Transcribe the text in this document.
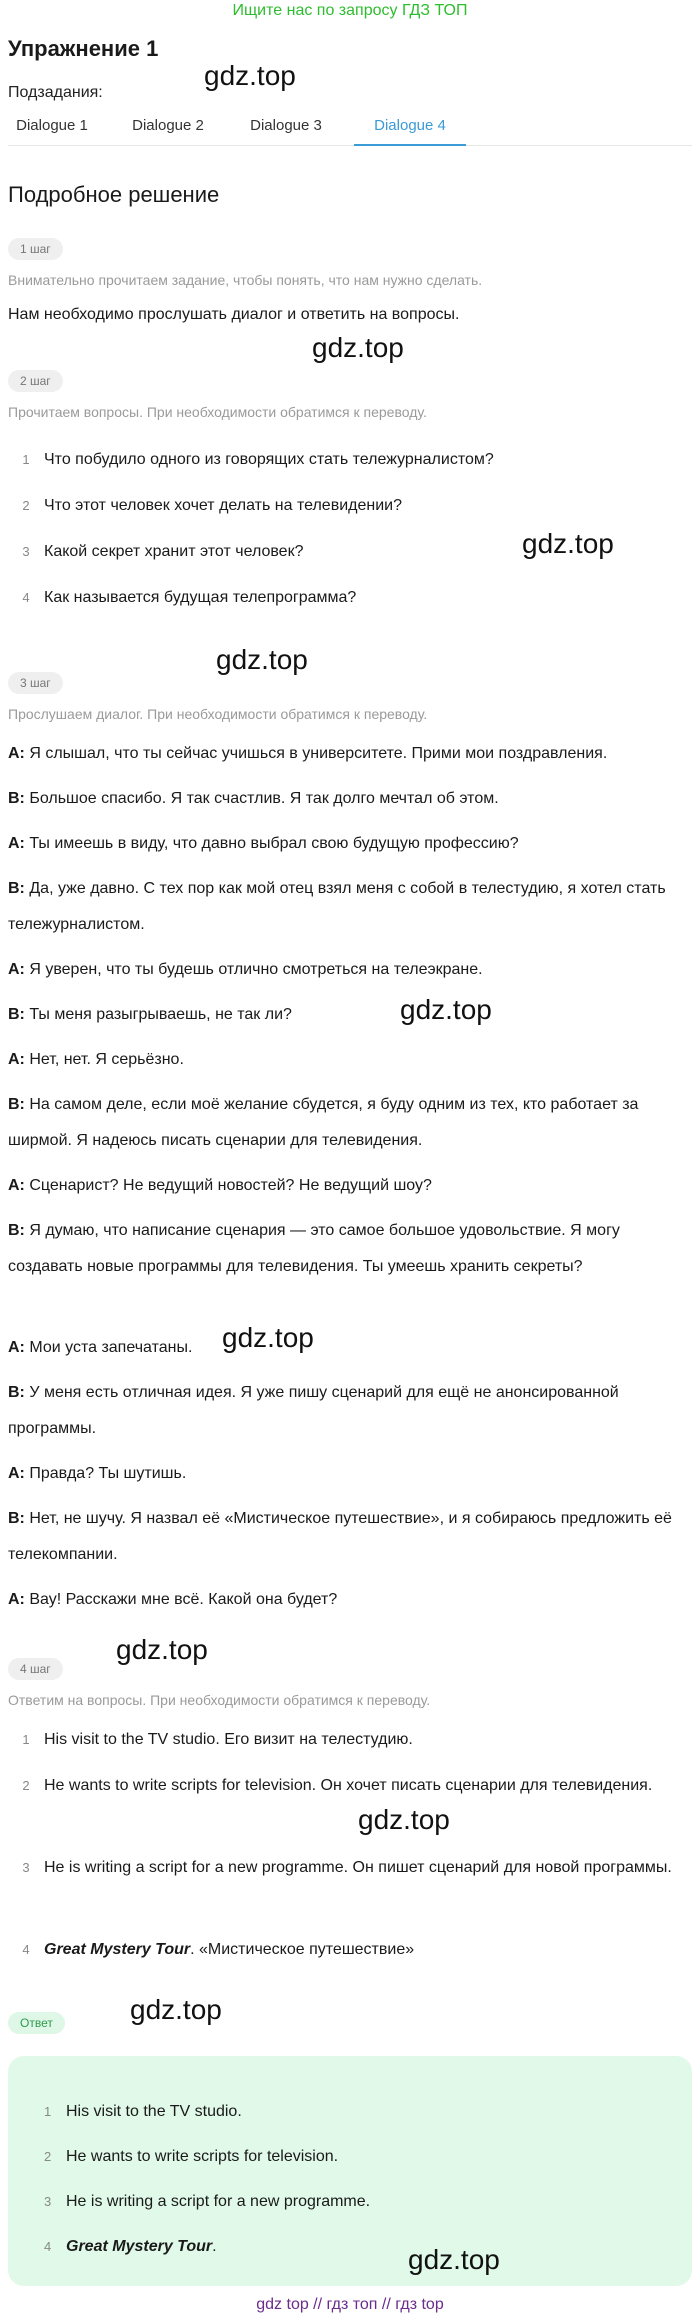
Ищите нас по запросу ГДЗ ТОП
Упражнение 1
Подзадания:
Dialogue 1	Dialogue 2	Dialogue 3	Dialogue 4
Подробное решение
1 шаг
Внимательно прочитаем задание, чтобы понять, что нам нужно сделать.
Нам необходимо прослушать диалог и ответить на вопросы.
2 шаг
Прочитаем вопросы. При необходимости обратимся к переводу.
1 Что побудило одного из говорящих стать тележурналистом?
2 Что этот человек хочет делать на телевидении?
3 Какой секрет хранит этот человек?
4 Как называется будущая телепрограмма?
3 шаг
Прослушаем диалог. При необходимости обратимся к переводу.
A: Я слышал, что ты сейчас учишься в университете. Прими мои поздравления.
B: Большое спасибо. Я так счастлив. Я так долго мечтал об этом.
A: Ты имеешь в виду, что давно выбрал свою будущую профессию?
B: Да, уже давно. С тех пор как мой отец взял меня с собой в телестудию, я хотел стать тележурналистом.
A: Я уверен, что ты будешь отлично смотреться на телеэкране.
B: Ты меня разыгрываешь, не так ли?
A: Нет, нет. Я серьёзно.
B: На самом деле, если моё желание сбудется, я буду одним из тех, кто работает за ширмой. Я надеюсь писать сценарии для телевидения.
A: Сценарист? Не ведущий новостей? Не ведущий шоу?
B: Я думаю, что написание сценария — это самое большое удовольствие. Я могу создавать новые программы для телевидения. Ты умеешь хранить секреты?
A: Мои уста запечатаны.
B: У меня есть отличная идея. Я уже пишу сценарий для ещё не анонсированной программы.
A: Правда? Ты шутишь.
B: Нет, не шучу. Я назвал её «Мистическое путешествие», и я собираюсь предложить её телекомпании.
A: Вау! Расскажи мне всё. Какой она будет?
4 шаг
Ответим на вопросы. При необходимости обратимся к переводу.
1 His visit to the TV studio. Его визит на телестудию.
2 He wants to write scripts for television. Он хочет писать сценарии для телевидения.
3 He is writing a script for a new programme. Он пишет сценарий для новой программы.
4 Great Mystery Tour. «Мистическое путешествие»
Ответ
1 His visit to the TV studio.
2 He wants to write scripts for television.
3 He is writing a script for a new programme.
4 Great Mystery Tour.
gdz.top
gdz.top
gdz.top
gdz.top
gdz.top
gdz.top
gdz.top
gdz.top
gdz.top
gdz.top
gdz top // гдз топ // гдз top
